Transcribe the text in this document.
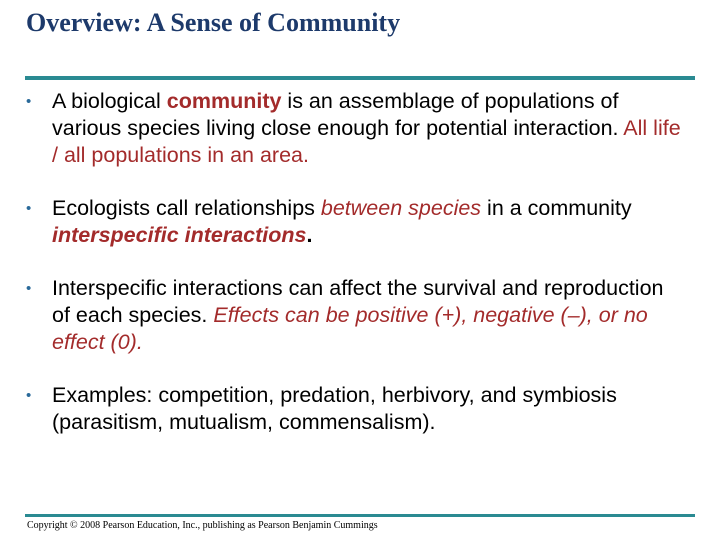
Overview: A Sense of Community
• A biological community is an assemblage of populations of various species living close enough for potential interaction. All life / all populations in an area.
• Ecologists call relationships between species in a community interspecific interactions.
• Interspecific interactions can affect the survival and reproduction of each species. Effects can be positive (+), negative (–), or no effect (0).
• Examples: competition, predation, herbivory, and symbiosis (parasitism, mutualism, commensalism).
Copyright © 2008 Pearson Education, Inc., publishing as Pearson Benjamin Cummings
